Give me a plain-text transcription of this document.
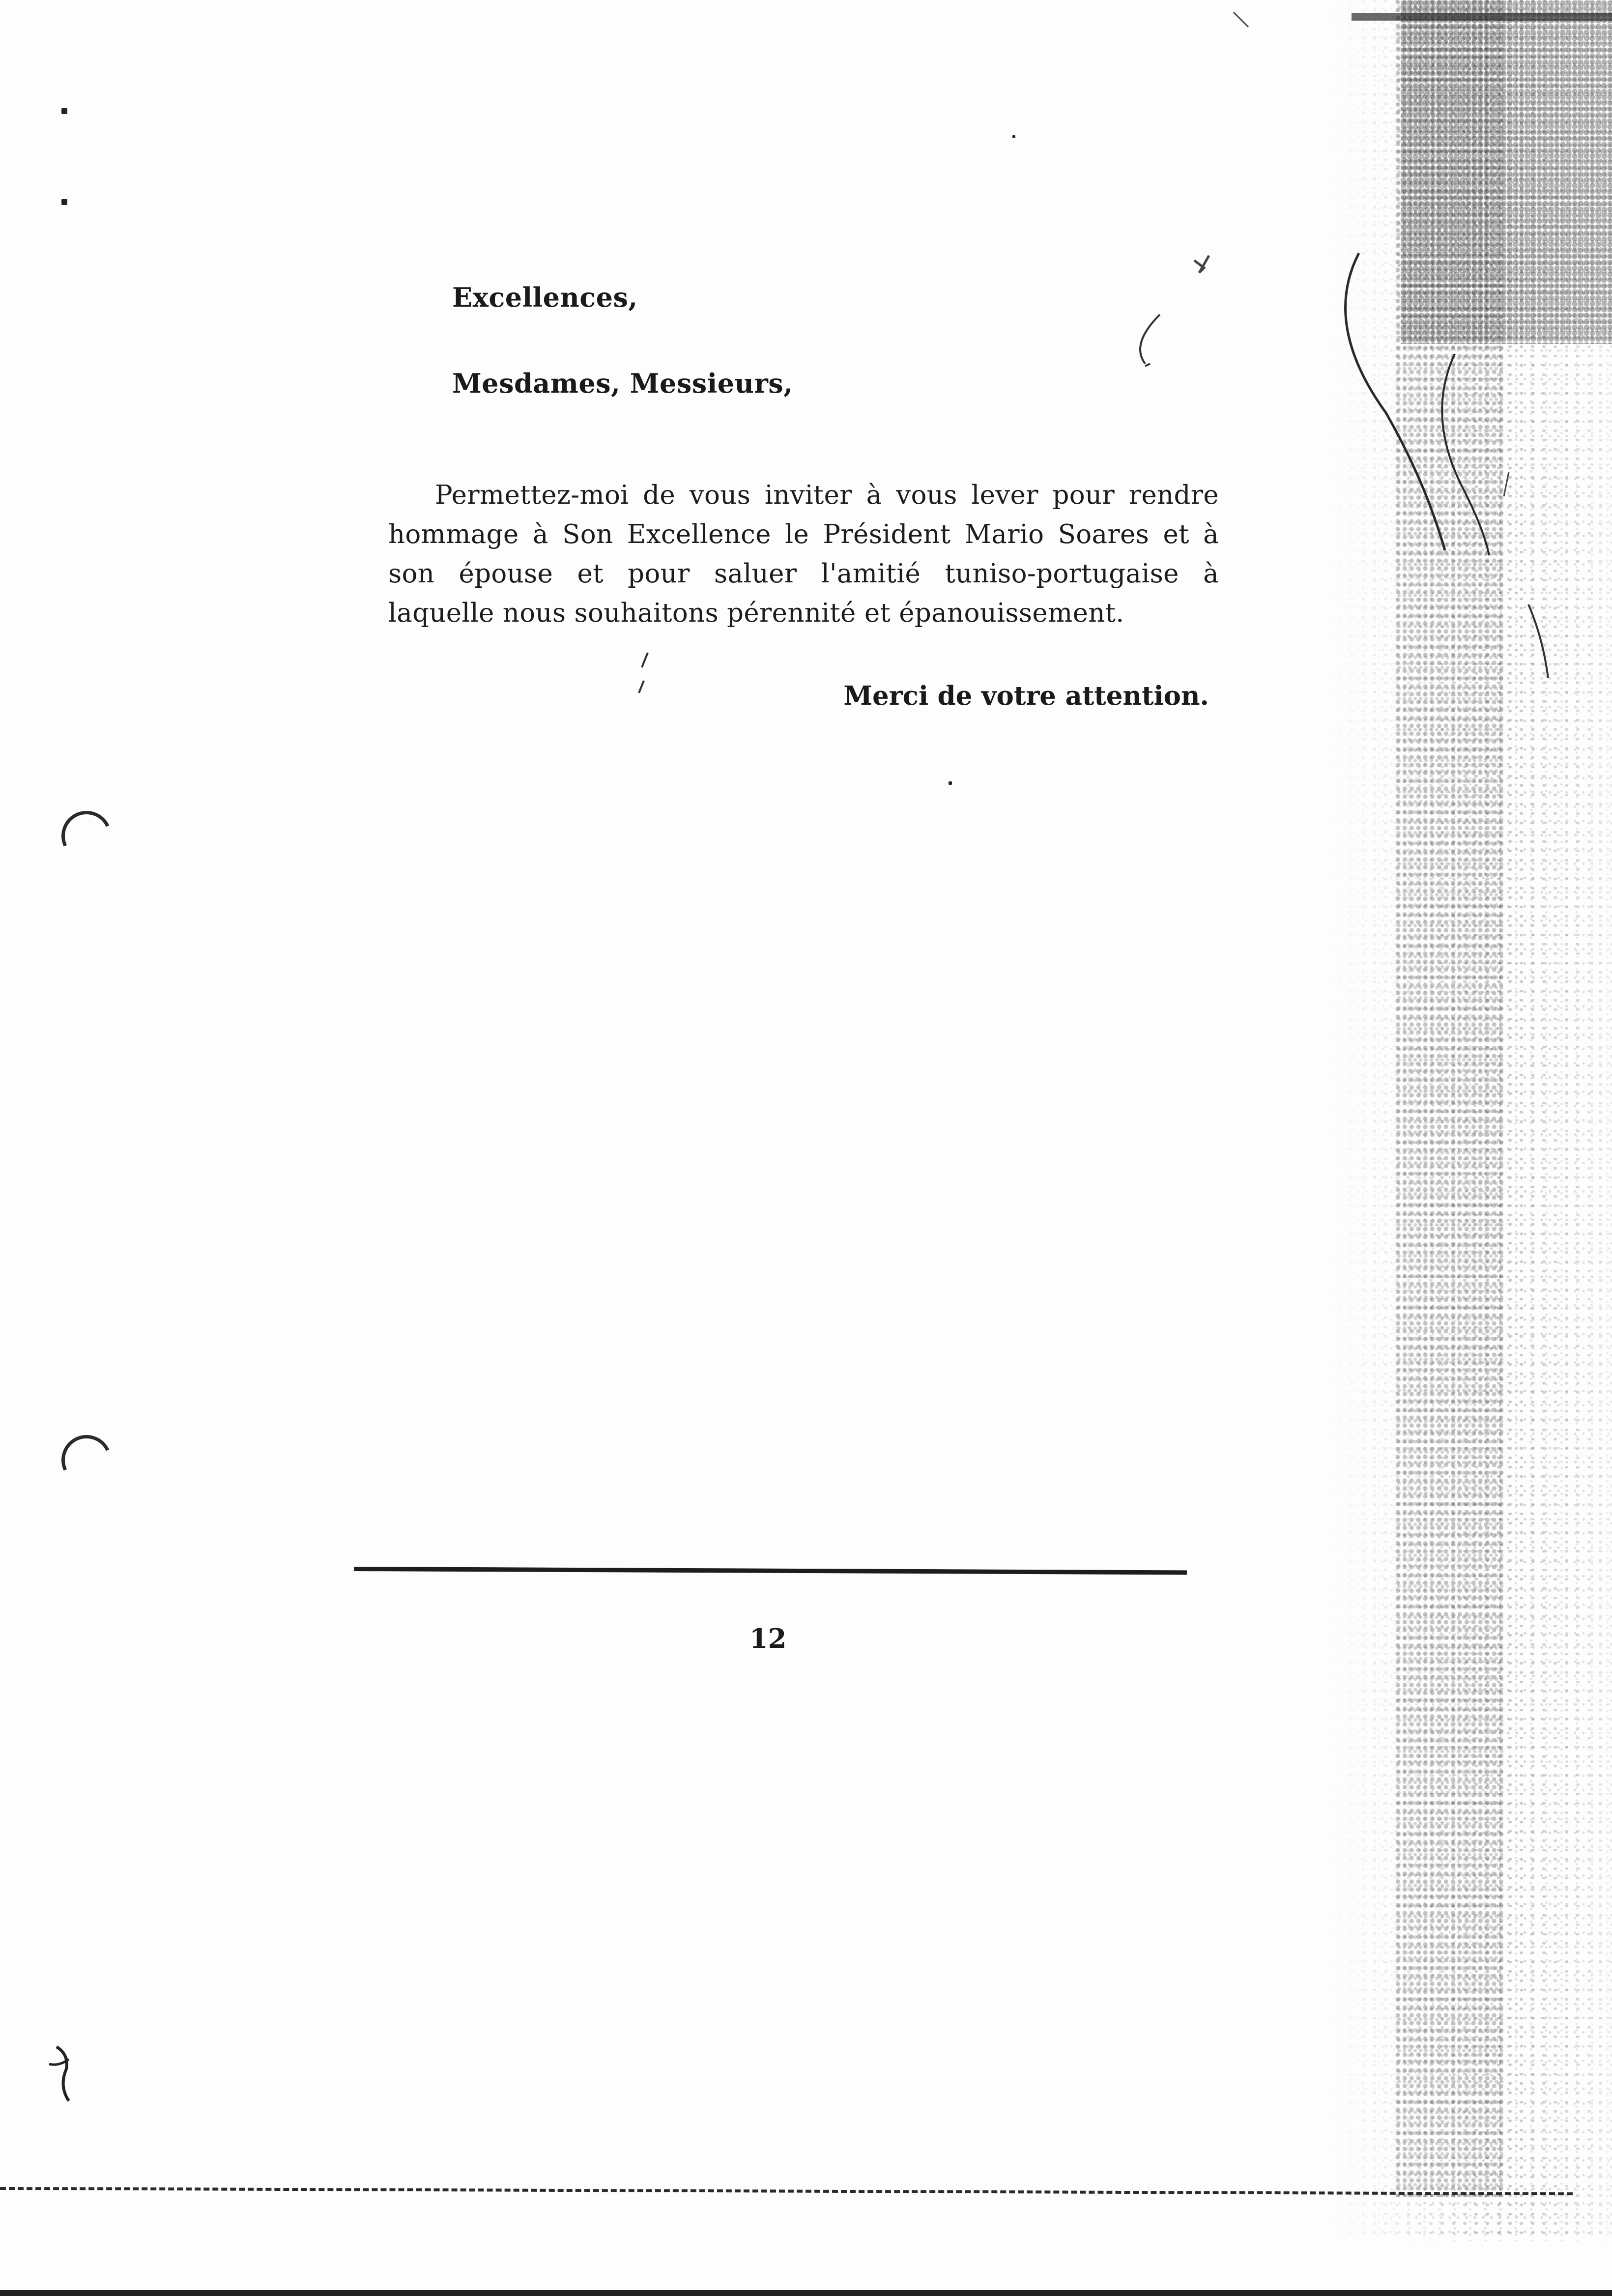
Excellences,
Mesdames, Messieurs,

Permettez-moi de vous inviter à vous lever pour rendre hommage à Son Excellence le Président Mario Soares et à son épouse et pour saluer l'amitié tuniso-portugaise à laquelle nous souhaitons pérennité et épanouissement.

Merci de votre attention.
12
